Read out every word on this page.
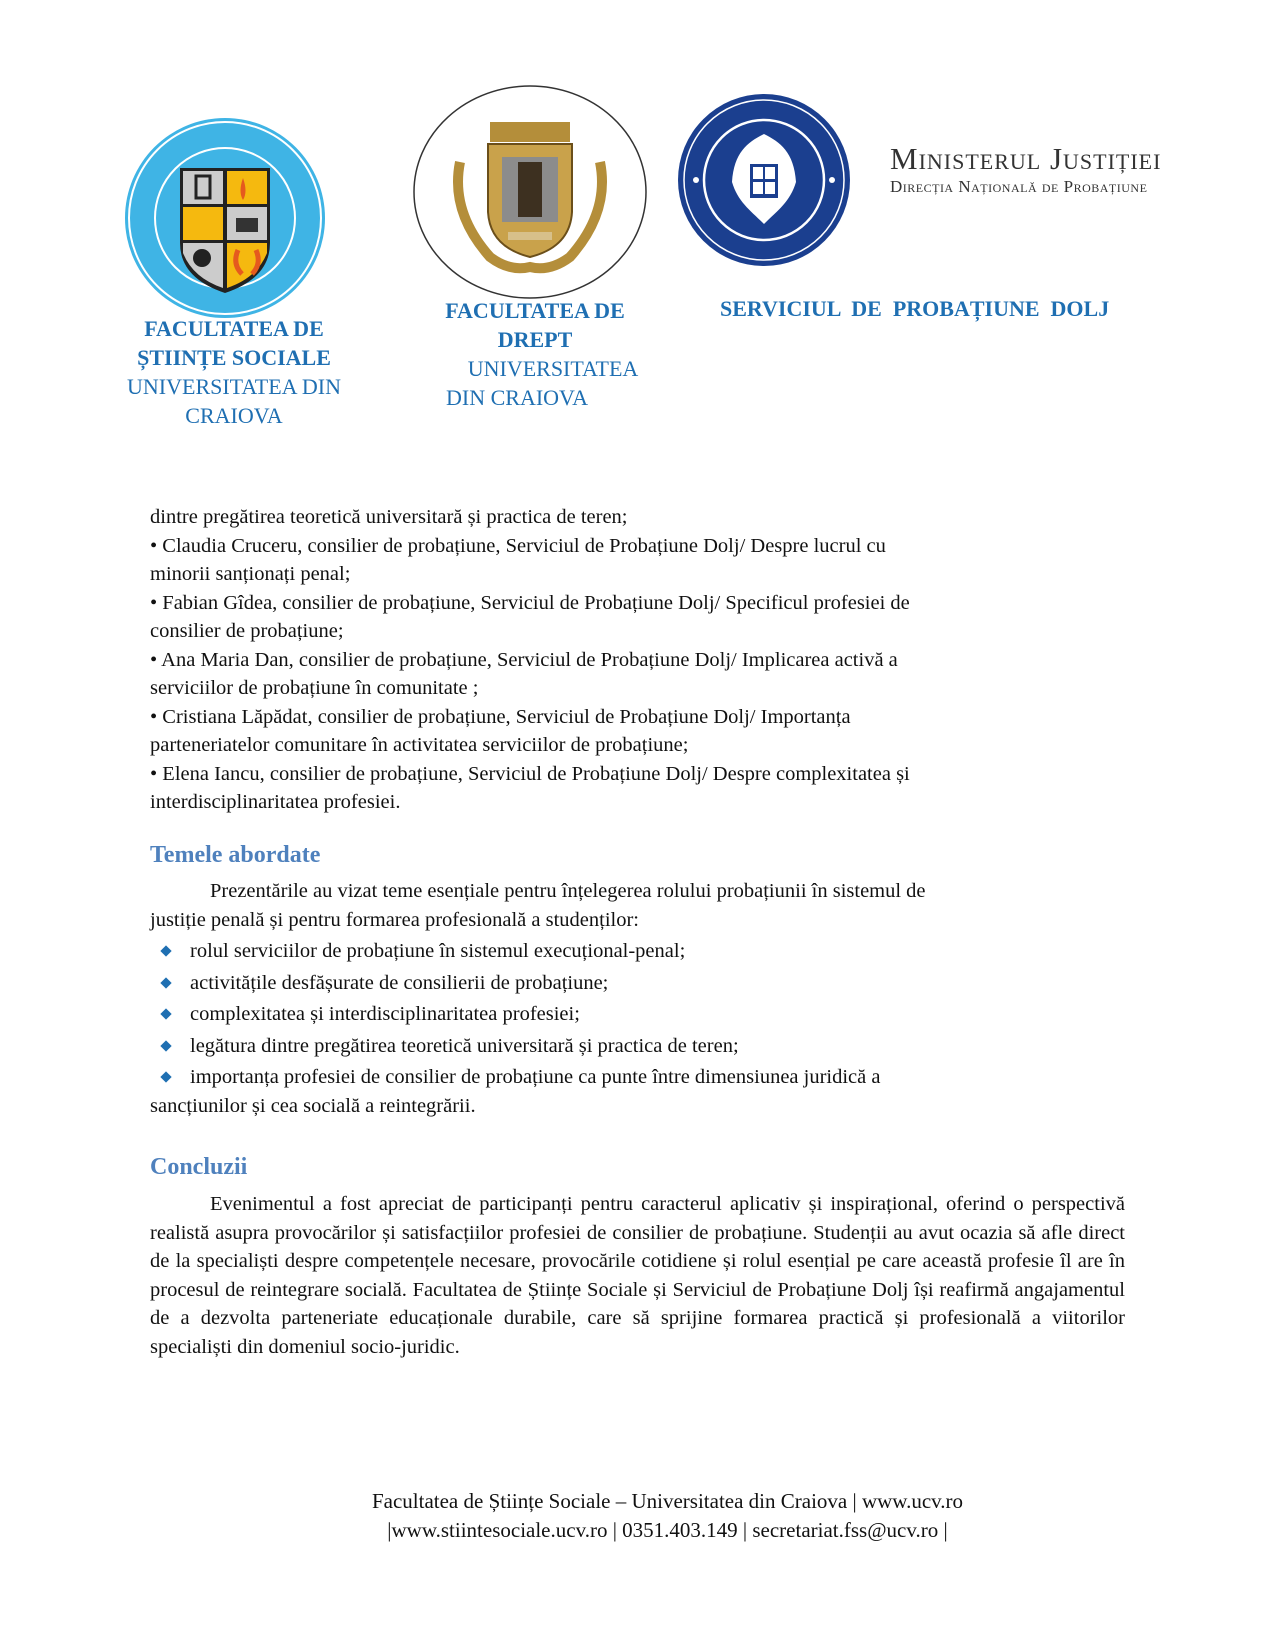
Ministerul Justiției
Direcția Națională de Probațiune
FACULTATEA DE
ȘTIINȚE SOCIALE
UNIVERSITATEA DIN
CRAIOVA
FACULTATEA DE
DREPT
UNIVERSITATEA
DIN CRAIOVA
SERVICIUL  DE  PROBAȚIUNE  DOLJ

dintre pregătirea teoretică universitară și practica de teren;

• Claudia Cruceru, consilier de probațiune, Serviciul de Probațiune Dolj/ Despre lucrul cu

minorii sanționați penal;

• Fabian Gîdea, consilier de probațiune, Serviciul de Probațiune Dolj/ Specificul profesiei de

consilier de probațiune;

• Ana Maria Dan, consilier de probațiune, Serviciul de Probațiune Dolj/ Implicarea activă a

serviciilor de probațiune în comunitate ;

• Cristiana Lăpădat, consilier de probațiune, Serviciul de Probațiune Dolj/ Importanța

parteneriatelor comunitare în activitatea serviciilor de probațiune;

• Elena Iancu, consilier de probațiune, Serviciul de Probațiune Dolj/ Despre complexitatea și

interdisciplinaritatea profesiei.

Temele abordate

Prezentările au vizat teme esențiale pentru înțelegerea rolului probațiunii în sistemul de

justiție penală și pentru formarea profesională a studenților:

rolul serviciilor de probațiune în sistemul execuțional-penal;
activitățile desfășurate de consilierii de probațiune;
complexitatea și interdisciplinaritatea profesiei;
legătura dintre pregătirea teoretică universitară și practica de teren;
importanța profesiei de consilier de probațiune ca punte între dimensiunea juridică a
sancțiunilor și cea socială a reintegrării.
Concluzii

Evenimentul a fost apreciat de participanți pentru caracterul aplicativ și inspirațional, oferind o perspectivă realistă asupra provocărilor și satisfacțiilor profesiei de consilier de probațiune. Studenții au avut ocazia să afle direct de la specialiști despre competențele necesare, provocările cotidiene și rolul esențial pe care această profesie îl are în procesul de reintegrare socială. Facultatea de Științe Sociale și Serviciul de Probațiune Dolj își reafirmă angajamentul de a dezvolta parteneriate educaționale durabile, care să sprijine formarea practică și profesională a viitorilor specialiști din domeniul socio-juridic.

Facultatea de Științe Sociale – Universitatea din Craiova | www.ucv.ro
|www.stiintesociale.ucv.ro | 0351.403.149 | secretariat.fss@ucv.ro |
